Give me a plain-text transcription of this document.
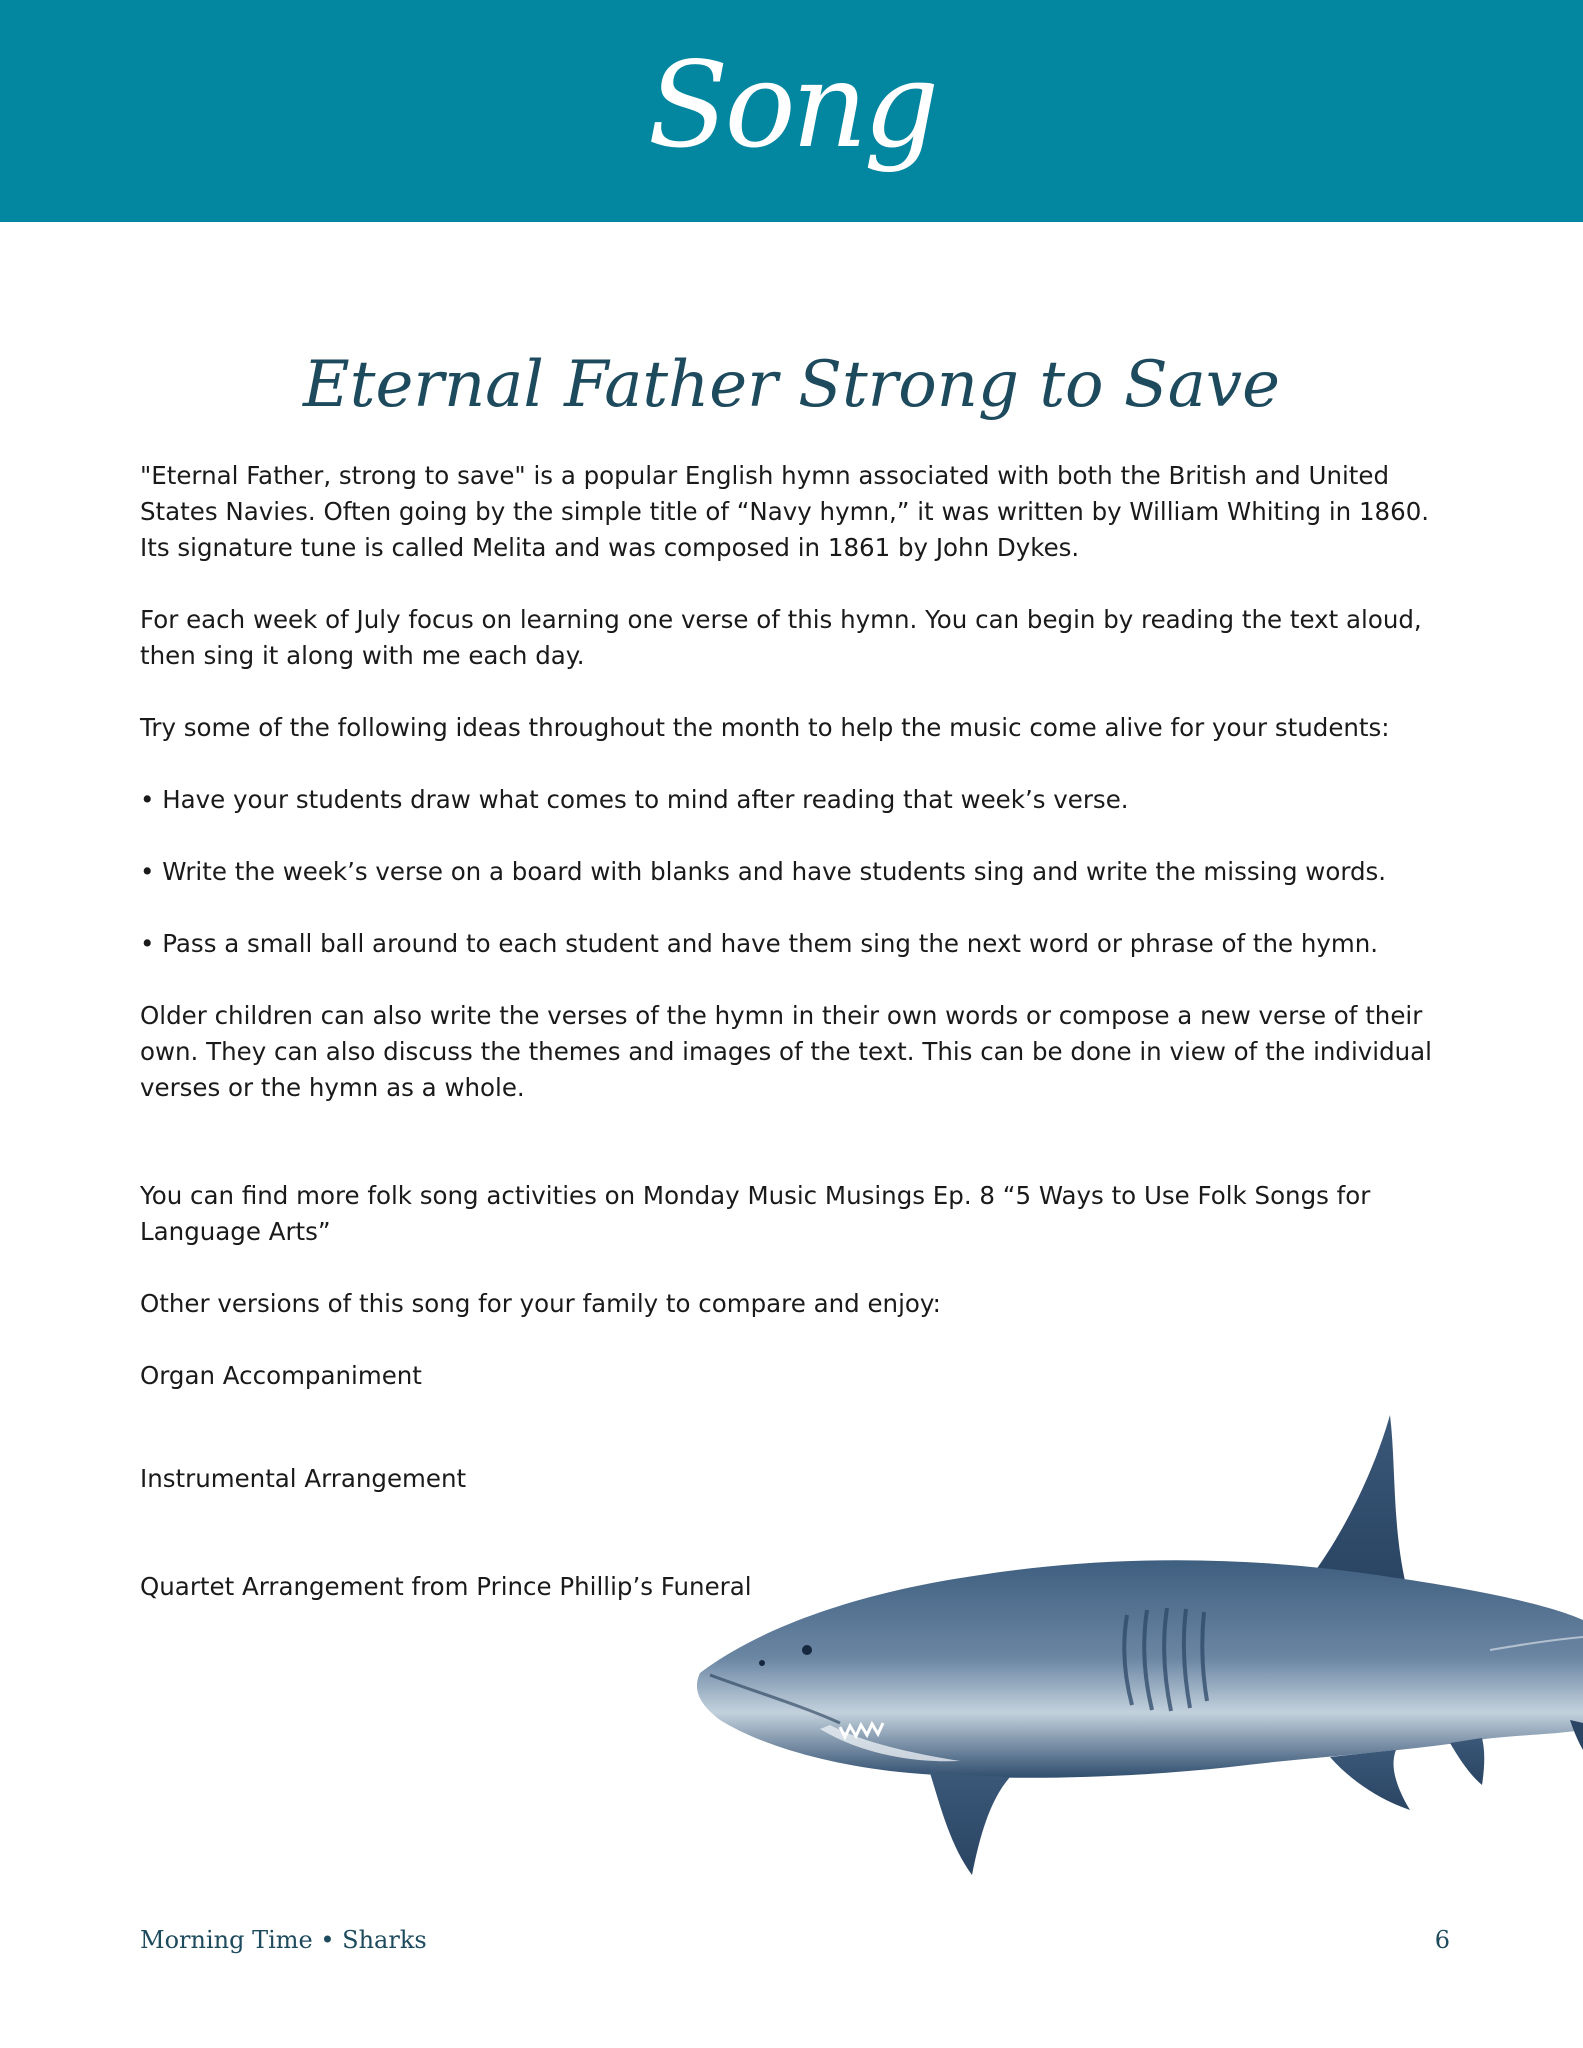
Song
Eternal Father Strong to Save

"Eternal Father, strong to save" is a popular English hymn associated with both the British and United States Navies. Often going by the simple title of “Navy hymn,” it was written by William Whiting in 1860. Its signature tune is called Melita and was composed in 1861 by John Dykes.

For each week of July focus on learning one verse of this hymn. You can begin by reading the text aloud, then sing it along with me each day.

Try some of the following ideas throughout the month to help the music come alive for your students:

• Have your students draw what comes to mind after reading that week’s verse.

• Write the week’s verse on a board with blanks and have students sing and write the missing words.

• Pass a small ball around to each student and have them sing the next word or phrase of the hymn.

Older children can also write the verses of the hymn in their own words or compose a new verse of their own. They can also discuss the themes and images of the text. This can be done in view of the individual verses or the hymn as a whole.

You can find more folk song activities on Monday Music Musings Ep. 8 “5 Ways to Use Folk Songs for Language Arts”

Other versions of this song for your family to compare and enjoy:

Organ Accompaniment

Instrumental Arrangement

Quartet Arrangement from Prince Phillip’s Funeral

Morning Time • Sharks	6
